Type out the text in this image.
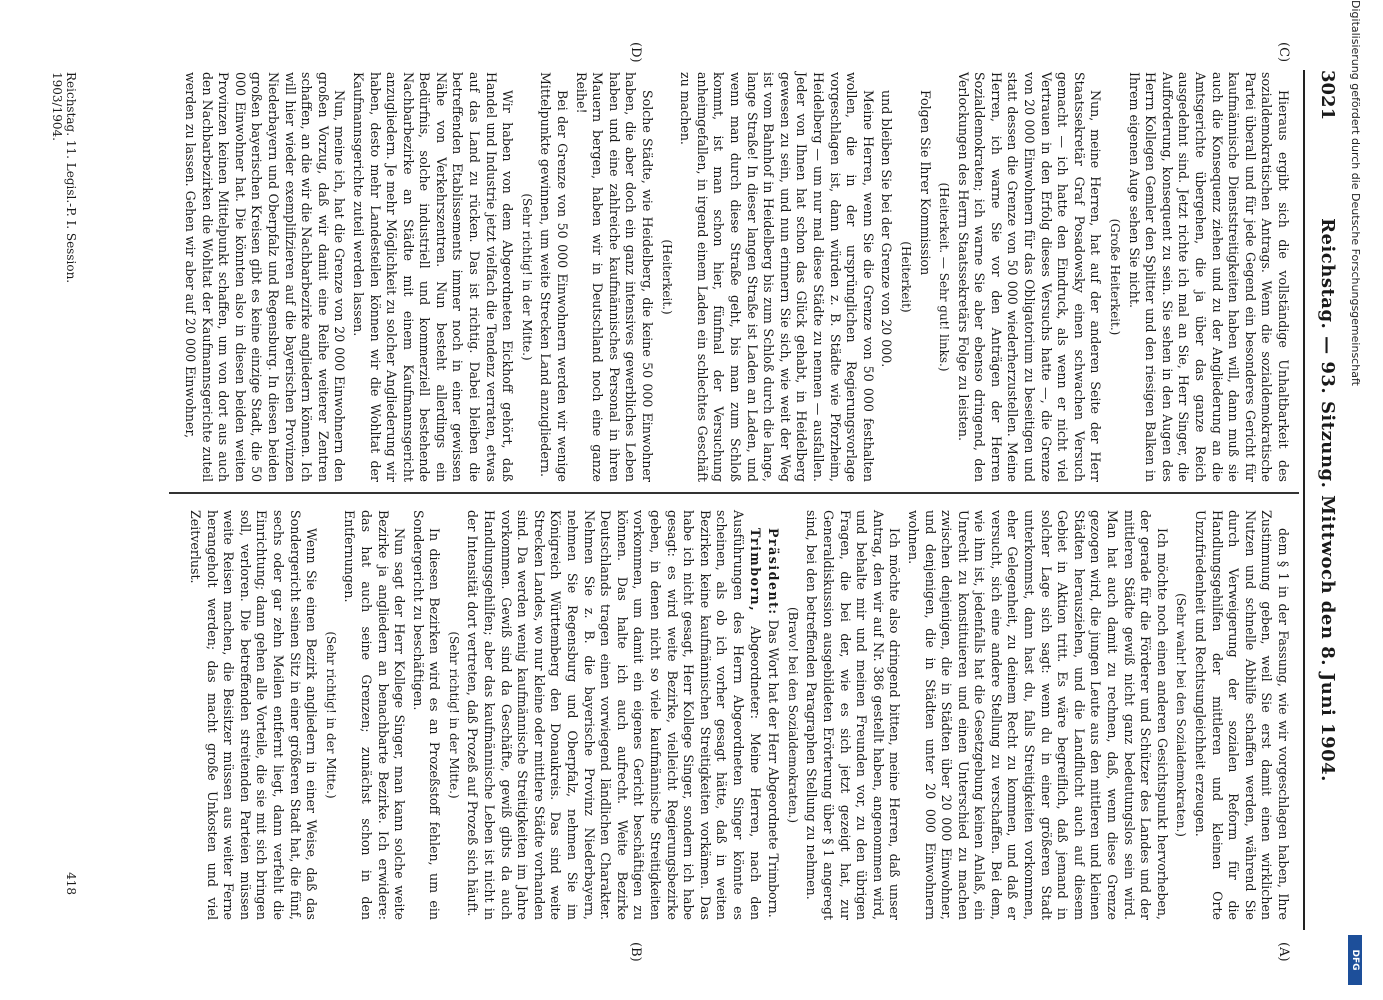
Digitalisierung gefördert durch die Deutsche Forschungsgemeinschaft
DFG
3021
Reichstag. — 93. Sitzung. Mittwoch den 8. Juni 1904.
(C)
(D)
(A)
(B)

Hieraus ergibt sich die vollständige Unhaltbarkeit des sozialdemokratischen Antrags. Wenn die sozialdemokratische Partei überall und für jede Gegend ein besonderes Gericht für kaufmännische Dienststreitigkeiten haben will, dann muß sie auch die Konsequenz ziehen und zu der Angliederung an die Amtsgerichte übergehen, die ja über das ganze Reich ausgedehnt sind. Jetzt richte ich mal an Sie, Herr Singer, die Aufforderung, konsequent zu sein. Sie sehen in den Augen des Herrn Kollegen Gemler den Splitter und den riesigen Balken in Ihrem eigenen Auge sehen Sie nicht.

(Große Heiterkeit.)

Nun, meine Herren, hat auf der anderen Seite der Herr Staatssekretär Graf Posadowsky einen schwachen Versuch gemacht — ich hatte den Eindruck, als wenn er nicht viel Vertrauen in den Erfolg dieses Versuchs hatte —, die Grenze von 20 000 Einwohnern für das Obligatorium zu beseitigen und statt dessen die Grenze von 50 000 wiederherzustellen. Meine Herren, ich warne Sie vor den Anträgen der Herren Sozialdemokraten; ich warne Sie aber ebenso dringend, den Verlockungen des Herrn Staatssekretärs Folge zu leisten.

(Heiterkeit. — Sehr gut! links.)

Folgen Sie Ihrer Kommission

(Heiterkeit)

und bleiben Sie bei der Grenze von 20 000.

Meine Herren, wenn Sie die Grenze von 50 000 festhalten wollen, die in der ursprünglichen Regierungsvorlage vorgeschlagen ist, dann würden z. B. Städte wie Pforzheim, Heidelberg — um nur mal diese Städte zu nennen — ausfallen. Jeder von Ihnen hat schon das Glück gehabt, in Heidelberg gewesen zu sein, und nun erinnern Sie sich, wie weit der Weg ist vom Bahnhof in Heidelberg bis zum Schloß durch die lange, lange Straße! In dieser langen Straße ist Laden an Laden, und wenn man durch diese Straße geht, bis man zum Schloß kommt, ist man schon hier, fünfmal der Versuchung anheimgefallen, in irgend einem Laden ein schlechtes Geschäft zu machen.

(Heiterkeit.)

Solche Städte, wie Heidelberg, die keine 50 000 Einwohner haben, die aber doch ein ganz intensives gewerbliches Leben haben und eine zahlreiche kaufmännisches Personal in ihren Mauern bergen, haben wir in Deutschland noch eine ganze Reihe!

Bei der Grenze von 50 000 Einwohnern werden wir wenige Mittelpunkte gewinnen, um weite Strecken Land anzugliedern.

(Sehr richtig! in der Mitte.)

Wir haben von dem Abgeordneten Eickhoff gehört, daß Handel und Industrie jetzt vielfach die Tendenz verraten, etwas auf das Land zu rücken. Das ist richtig. Dabei bleiben die betreffenden Etablissements immer noch in einer gewissen Nähe von Verkehrszentren. Nun besteht allerdings ein Bedürfnis, solche industriell und kommerziell bestehende Nachbarbezirke an Städte mit einem Kaufmannsgericht anzugliedern. Je mehr Möglichkeit zu solcher Angliederung wir haben, desto mehr Landesteilen können wir die Wohltat der Kaufmannsgerichte zuteil werden lassen.

Nun, meine ich, hat die Grenze von 20 000 Einwohnern den großen Vorzug, daß wir damit eine Reihe weiterer Zentren schaffen, an die wir die Nachbarbezirke angliedern können. Ich will hier wieder exemplifizieren auf die bayerischen Provinzen Niederbayern und Oberpfalz und Regensburg. In diesen beiden großen bayerischen Kreisen gibt es keine einzige Stadt, die 50 000 Einwohner hat. Die könnten also in diesen beiden weiten Provinzen keinen Mittelpunkt schaffen, um von dort aus auch den Nachbarbezirken die Wohltat der Kaufmannsgerichte zuteil werden zu lassen. Gehen wir aber auf 20 000 Einwohner,

dem § 1 in der Fassung, wie wir vorgeschlagen haben, Ihre Zustimmung geben, weil Sie erst damit einen wirklichen Nutzen und schnelle Abhilfe schaffen werden, während Sie durch Verweigerung der sozialen Reform für die Handlungsgehilfen der mittleren und kleinen Orte Unzufriedenheit und Rechtsungleichheit erzeugen.

(Sehr wahr! bei den Sozialdemokraten.)

Ich möchte noch einen anderen Gesichtspunkt hervorheben, der gerade für die Förderer und Schützer des Landes und der mittleren Städte gewiß nicht ganz bedeutungslos sein wird. Man hat auch damit zu rechnen, daß, wenn diese Grenze gezogen wird, die jungen Leute aus den mittleren und kleinen Städten herausziehen, und die Landflucht auch auf diesem Gebiet in Aktion tritt. Es wäre begreiflich, daß jemand in solcher Lage sich sagt: wenn du in einer größeren Stadt unterkommst, dann hast du, falls Streitigkeiten vorkommen, eher Gelegenheit, zu deinem Recht zu kommen, und daß er versucht, sich eine andere Stellung zu verschaffen. Bei dem, wie ihm ist, jedenfalls hat die Gesetzgebung keinen Anlaß, ein Unrecht zu konstituieren und einen Unterschied zu machen zwischen denjenigen, die in Städten über 20 000 Einwohner, und denjenigen, die in Städten unter 20 000 Einwohnern wohnen.

Ich möchte also dringend bitten, meine Herren, daß unser Antrag, den wir auf Nr. 386 gestellt haben, angenommen wird, und behalte mir und meinen Freunden vor, zu den übrigen Fragen, die bei der, wie es sich jetzt gezeigt hat, zur Generaldiskussion ausgebildeten Erörterung über § 1 angeregt sind, bei den betreffenden Paragraphen Stellung zu nehmen.

(Bravo! bei den Sozialdemokraten.)

Präsident: Das Wort hat der Herr Abgeordnete Trimborn.

Trimborn, Abgeordneter: Meine Herren, nach den Ausführungen des Herrn Abgeordneten Singer könnte es scheinen, als ob ich vorher gesagt hätte, daß in weiten Bezirken keine kaufmännischen Streitigkeiten vorkämen. Das habe ich nicht gesagt, Herr Kollege Singer, sondern ich habe gesagt: es wird weite Bezirke, vielleicht Regierungsbezirke geben, in denen nicht so viele kaufmännische Streitigkeiten vorkommen, um damit ein eigenes Gericht beschäftigen zu können. Das halte ich auch aufrecht. Weite Bezirke Deutschlands tragen einen vorwiegend ländlichen Charakter. Nehmen Sie z. B. die bayerische Provinz Niederbayern, nehmen Sie Regensburg und Oberpfalz, nehmen Sie im Königreich Württemberg den Donaukreis. Das sind weite Strecken Landes, wo nur kleine oder mittlere Städte vorhanden sind. Da werden wenig kaufmännische Streitigkeiten im Jahre vorkommen. Gewiß sind da Geschäfte, gewiß gibts da auch Handlungsgehilfen; aber das kaufmännische Leben ist nicht in der Intensität dort vertreten, daß Prozeß auf Prozeß sich häuft.

(Sehr richtig! in der Mitte.)

In diesen Bezirken wird es an Prozeßstoff fehlen, um ein Sondergericht zu beschäftigen.

Nun sagt der Herr Kollege Singer, man kann solche weite Bezirke ja angliedern an benachbarte Bezirke. Ich erwidere: das hat auch seine Grenzen; zunächst schon in den Entfernungen.

(Sehr richtig! in der Mitte.)

Wenn Sie einen Bezirk angliedern in einer Weise, daß das Sondergericht seinen Sitz in einer größeren Stadt hat, die fünf, sechs oder gar zehn Meilen entfernt liegt, dann verfehlt die Einrichtung; dann gehen alle Vorteile, die sie mit sich bringen soll, verloren. Die betreffenden streitenden Parteien müssen weite Reisen machen, die Beisitzer müssen aus weiter Ferne herangeholt werden; das macht große Unkosten und viel Zeitverlust.

Reichstag. 11. Legisl.-P. I. Session. 1903/1904.
418
